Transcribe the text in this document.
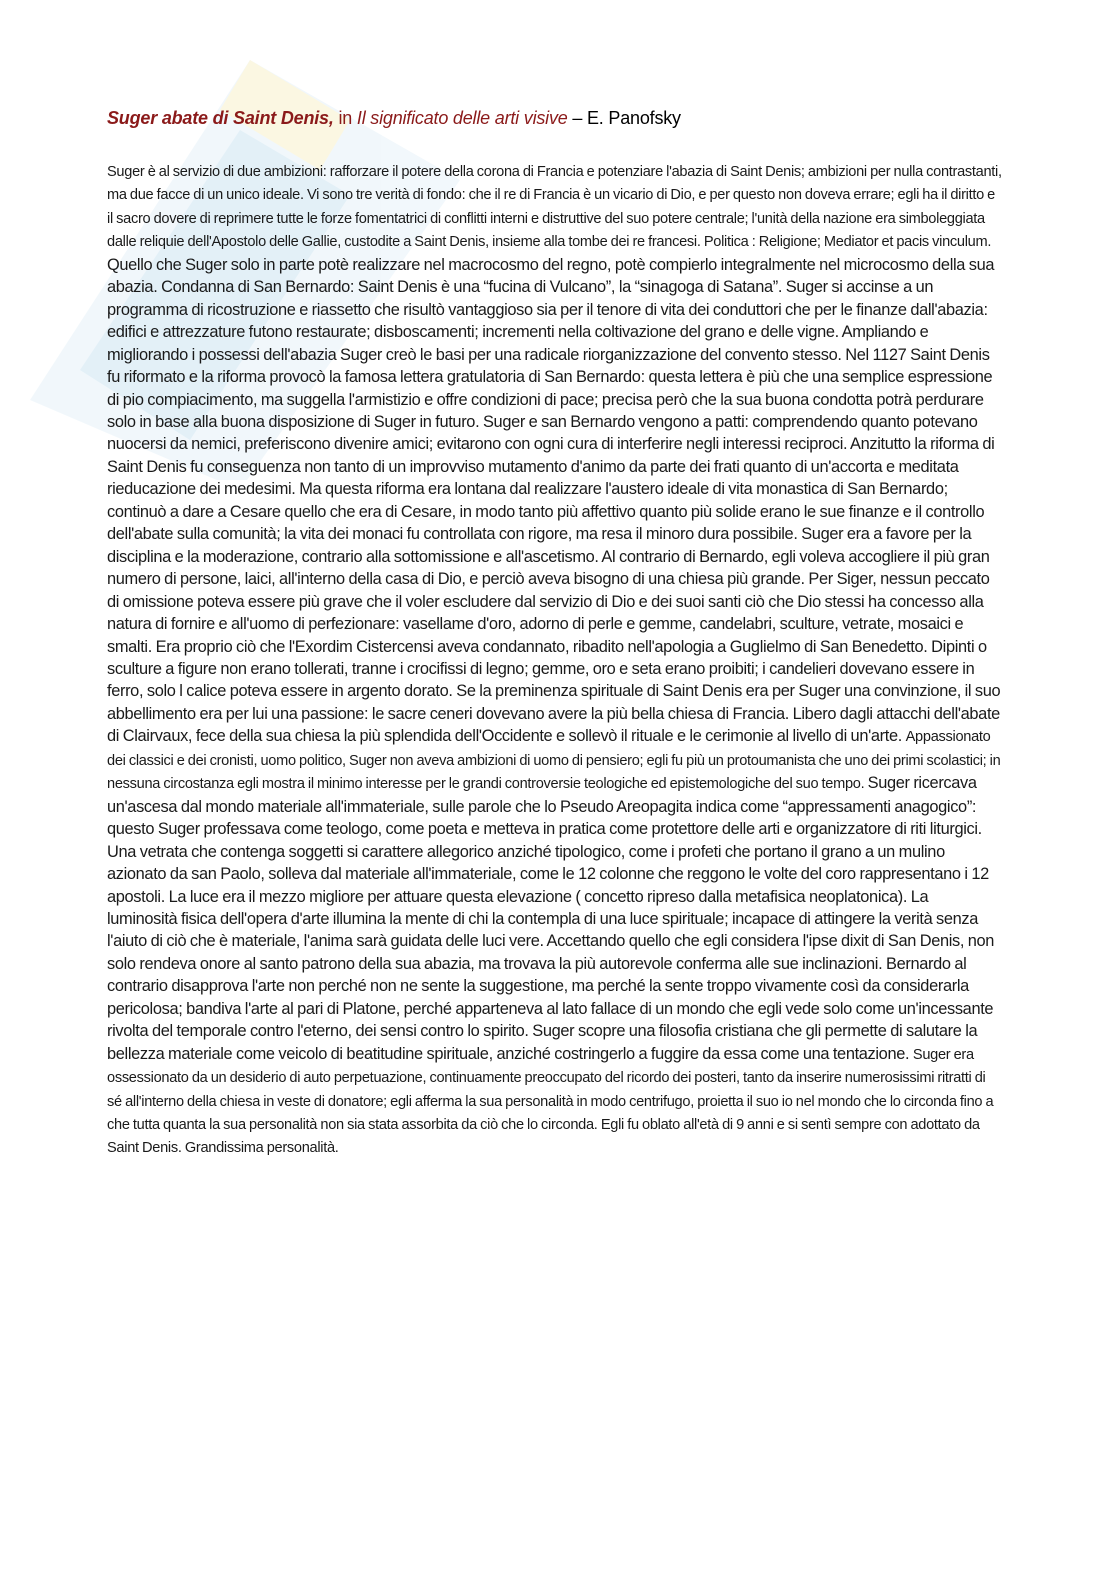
Suger abate di Saint Denis, in Il significato delle arti visive – E. Panofsky

Suger è al servizio di due ambizioni: rafforzare il potere della corona di Francia e potenziare l'abazia di Saint Denis; ambizioni per nulla contrastanti, ma due facce di un unico ideale. Vi sono tre verità di fondo: che il re di Francia è un vicario di Dio, e per questo non doveva errare; egli ha il diritto e il sacro dovere di reprimere tutte le forze fomentatrici di conflitti interni e distruttive del suo potere centrale; l'unità della nazione era simboleggiata dalle reliquie dell'Apostolo delle Gallie, custodite a Saint Denis, insieme alla tombe dei re francesi. Politica : Religione; Mediator et pacis vinculum. Quello che Suger solo in parte potè realizzare nel macrocosmo del regno, potè compierlo integralmente nel microcosmo della sua abazia. Condanna di San Bernardo: Saint Denis è una “fucina di Vulcano”, la “sinagoga di Satana”. Suger si accinse a un programma di ricostruzione e riassetto che risultò vantaggioso sia per il tenore di vita dei conduttori che per le finanze dall'abazia: edifici e attrezzature futono restaurate; disboscamenti; incrementi nella coltivazione del grano e delle vigne. Ampliando e migliorando i possessi dell'abazia Suger creò le basi per una radicale riorganizzazione del convento stesso. Nel 1127 Saint Denis fu riformato e la riforma provocò la famosa lettera gratulatoria di San Bernardo: questa lettera è più che una semplice espressione di pio compiacimento, ma suggella l'armistizio e offre condizioni di pace; precisa però che la sua buona condotta potrà perdurare solo in base alla buona disposizione di Suger in futuro. Suger e san Bernardo vengono a patti: comprendendo quanto potevano nuocersi da nemici, preferiscono divenire amici; evitarono con ogni cura di interferire negli interessi reciproci. Anzitutto la riforma di Saint Denis fu conseguenza non tanto di un improvviso mutamento d'animo da parte dei frati quanto di un'accorta e meditata rieducazione dei medesimi. Ma questa riforma era lontana dal realizzare l'austero ideale di vita monastica di San Bernardo; continuò a dare a Cesare quello che era di Cesare, in modo tanto più affettivo quanto più solide erano le sue finanze e il controllo dell'abate sulla comunità; la vita dei monaci fu controllata con rigore, ma resa il minoro dura possibile. Suger era a favore per la disciplina e la moderazione, contrario alla sottomissione e all'ascetismo. Al contrario di Bernardo, egli voleva accogliere il più gran numero di persone, laici, all'interno della casa di Dio, e perciò aveva bisogno di una chiesa più grande. Per Siger, nessun peccato di omissione poteva essere più grave che il voler escludere dal servizio di Dio e dei suoi santi ciò che Dio stessi ha concesso alla natura di fornire e all'uomo di perfezionare: vasellame d'oro, adorno di perle e gemme, candelabri, sculture, vetrate, mosaici e smalti. Era proprio ciò che l'Exordim Cistercensi aveva condannato, ribadito nell'apologia a Guglielmo di San Benedetto. Dipinti o sculture a figure non erano tollerati, tranne i crocifissi di legno; gemme, oro e seta erano proibiti; i candelieri dovevano essere in ferro, solo l calice poteva essere in argento dorato. Se la preminenza spirituale di Saint Denis era per Suger una convinzione, il suo abbellimento era per lui una passione: le sacre ceneri dovevano avere la più bella chiesa di Francia. Libero dagli attacchi dell'abate di Clairvaux, fece della sua chiesa la più splendida dell'Occidente e sollevò il rituale e le cerimonie al livello di un'arte. Appassionato dei classici e dei cronisti, uomo politico, Suger non aveva ambizioni di uomo di pensiero; egli fu più un protoumanista che uno dei primi scolastici; in nessuna circostanza egli mostra il minimo interesse per le grandi controversie teologiche ed epistemologiche del suo tempo. Suger ricercava un'ascesa dal mondo materiale all'immateriale, sulle parole che lo Pseudo Areopagita indica come “appressamenti anagogico”: questo Suger professava come teologo, come poeta e metteva in pratica come protettore delle arti e organizzatore di riti liturgici. Una vetrata che contenga soggetti si carattere allegorico anziché tipologico, come i profeti che portano il grano a un mulino azionato da san Paolo, solleva dal materiale all'immateriale, come le 12 colonne che reggono le volte del coro rappresentano i 12 apostoli. La luce era il mezzo migliore per attuare questa elevazione ( concetto ripreso dalla metafisica neoplatonica). La luminosità fisica dell'opera d'arte illumina la mente di chi la contempla di una luce spirituale; incapace di attingere la verità senza l'aiuto di ciò che è materiale, l'anima sarà guidata delle luci vere. Accettando quello che egli considera l'ipse dixit di San Denis, non solo rendeva onore al santo patrono della sua abazia, ma trovava la più autorevole conferma alle sue inclinazioni. Bernardo al contrario disapprova l'arte non perché non ne sente la suggestione, ma perché la sente troppo vivamente così da considerarla pericolosa; bandiva l'arte al pari di Platone, perché apparteneva al lato fallace di un mondo che egli vede solo come un'incessante rivolta del temporale contro l'eterno, dei sensi contro lo spirito. Suger scopre una filosofia cristiana che gli permette di salutare la bellezza materiale come veicolo di beatitudine spirituale, anziché costringerlo a fuggire da essa come una tentazione. Suger era ossessionato da un desiderio di auto perpetuazione, continuamente preoccupato del ricordo dei posteri, tanto da inserire numerosissimi ritratti di sé all'interno della chiesa in veste di donatore; egli afferma la sua personalità in modo centrifugo, proietta il suo io nel mondo che lo circonda fino a che tutta quanta la sua personalità non sia stata assorbita da ciò che lo circonda. Egli fu oblato all'età di 9 anni e si sentì sempre con adottato da Saint Denis. Grandissima personalità.
